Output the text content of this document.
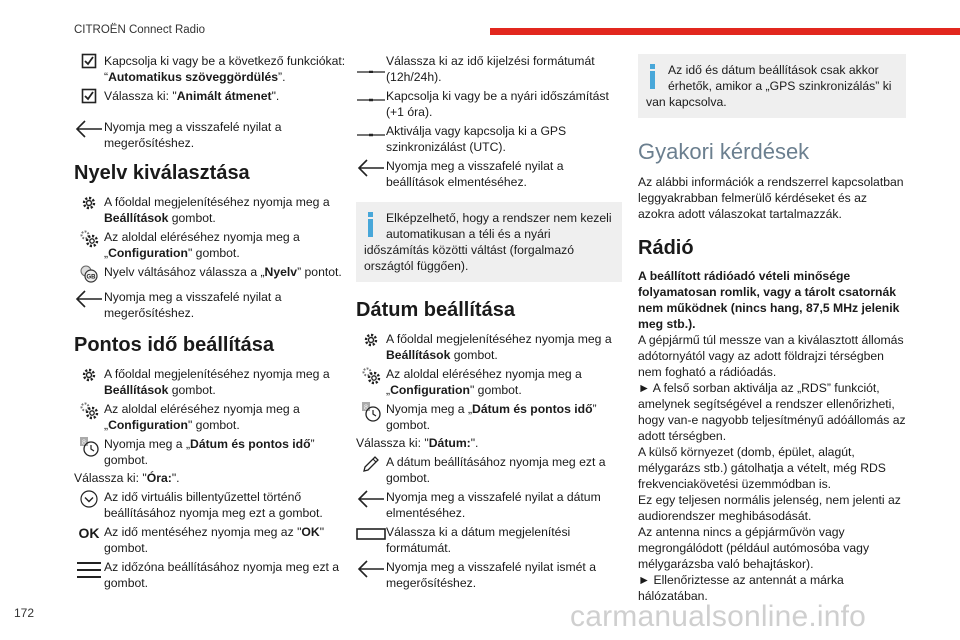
CITROËN Connect Radio
Kapcsolja ki vagy be a következő funkciókat: “Automatikus szöveggördülés”.
Válassza ki: "Animált átmenet".
Nyomja meg a visszafelé nyilat a megerősítéshez.
Nyelv kiválasztása
A főoldal megjelenítéséhez nyomja meg a Beállítások gombot.
Az aloldal eléréséhez nyomja meg a „Configuration" gombot.
GB Nyelv váltásához válassza a „Nyelv” pontot.
Nyomja meg a visszafelé nyilat a megerősítéshez.
Pontos idő beállítása
A főoldal megjelenítéséhez nyomja meg a Beállítások gombot.
Az aloldal eléréséhez nyomja meg a „Configuration" gombot.
8 Nyomja meg a „Dátum és pontos idő” gombot.
Válassza ki: "Óra:".
Az idő virtuális billentyűzettel történő beállításához nyomja meg ezt a gombot.
OK Az idő mentéséhez nyomja meg az "OK" gombot.
Az időzóna beállításához nyomja meg ezt a gombot.
Válassza ki az idő kijelzési formátumát (12h/24h).
Kapcsolja ki vagy be a nyári időszámítást (+1 óra).
Aktiválja vagy kapcsolja ki a GPS szinkronizálást (UTC).
Nyomja meg a visszafelé nyilat a beállítások elmentéséhez.
Elképzelhető, hogy a rendszer nem kezeli automatikusan a téli és a nyári időszámítás közötti váltást (forgalmazó országtól függően).
Dátum beállítása
A főoldal megjelenítéséhez nyomja meg a Beállítások gombot.
Az aloldal eléréséhez nyomja meg a „Configuration" gombot.
8 Nyomja meg a „Dátum és pontos idő” gombot.
Válassza ki: "Dátum:".
A dátum beállításához nyomja meg ezt a gombot.
Nyomja meg a visszafelé nyilat a dátum elmentéséhez.
Válassza ki a dátum megjelenítési formátumát.
Nyomja meg a visszafelé nyilat ismét a megerősítéshez.
Az idő és dátum beállítások csak akkor érhetők, amikor a „GPS szinkronizálás” ki van kapcsolva.
Gyakori kérdések
Az alábbi információk a rendszerrel kapcsolatban leggyakrabban felmerülő kérdéseket és az azokra adott válaszokat tartalmazzák.
Rádió
A beállított rádióadó vételi minősége folyamatosan romlik, vagy a tárolt csatornák nem működnek (nincs hang, 87,5 MHz jelenik meg stb.).
A gépjármű túl messze van a kiválasztott állomás adótornyától vagy az adott földrajzi térségben nem fogható a rádióadás.
► A felső sorban aktiválja az „RDS” funkciót, amelynek segítségével a rendszer ellenőrizheti, hogy van-e nagyobb teljesítményű adóállomás az adott térségben.
A külső környezet (domb, épület, alagút, mélygarázs stb.) gátolhatja a vételt, még RDS frekvenciakövetési üzemmódban is.
Ez egy teljesen normális jelenség, nem jelenti az audiorendszer meghibásodását.
Az antenna nincs a gépjárművön vagy megrongálódott (például autómosóba vagy mélygarázsba való behajtáskor).
► Ellenőriztesse az antennát a márka hálózatában.
172	carmanualsonline.info
